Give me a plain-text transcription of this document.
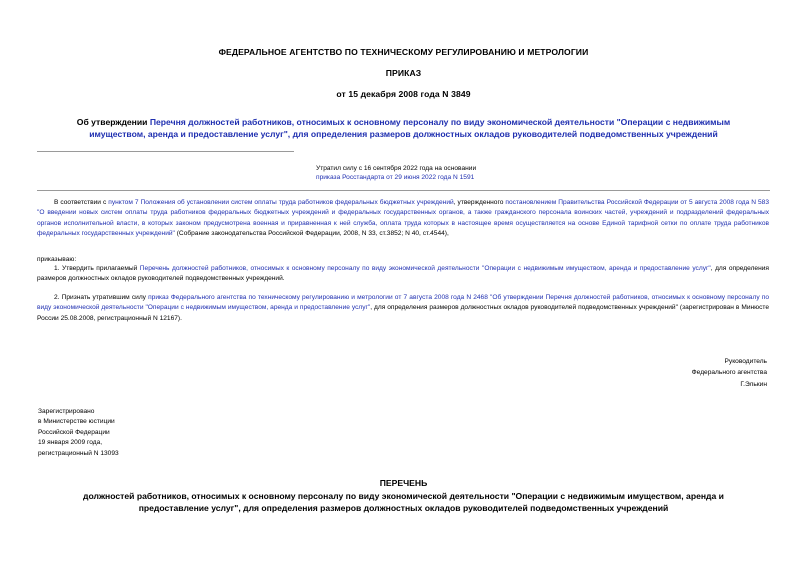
ФЕДЕРАЛЬНОЕ АГЕНТСТВО ПО ТЕХНИЧЕСКОМУ РЕГУЛИРОВАНИЮ И МЕТРОЛОГИИ
ПРИКАЗ
от 15 декабря 2008 года N 3849
Об утверждении Перечня должностей работников, относимых к основному персоналу по виду экономической деятельности "Операции с недвижимым
имуществом, аренда и предоставление услуг", для определения размеров должностных окладов руководителей подведомственных учреждений
Утратил силу с 16 сентября 2022 года на основании
приказа Росстандарта от 29 июня 2022 года N 1591
В соответствии с пунктом 7 Положения об установлении систем оплаты труда работников федеральных бюджетных учреждений, утвержденного постановлением Правительства Российской Федерации от 5 августа 2008 года N 583 "О введении новых систем оплаты труда работников федеральных бюджетных учреждений и федеральных государственных органов, а также гражданского персонала воинских частей, учреждений и подразделений федеральных органов исполнительной власти, в которых законом предусмотрена военная и приравненная к ней служба, оплата труда которых в настоящее время осуществляется на основе Единой тарифной сетки по оплате труда работников федеральных государственных учреждений" (Собрание законодательства Российской Федерации, 2008, N 33, ст.3852; N 40, ст.4544),
приказываю:
1. Утвердить прилагаемый Перечень должностей работников, относимых к основному персоналу по виду экономической деятельности "Операции с недвижимым имуществом, аренда и предоставление услуг", для определения размеров должностных окладов руководителей подведомственных учреждений.
2. Признать утратившим силу приказ Федерального агентства по техническому регулированию и метрологии от 7 августа 2008 года N 2468 "Об утверждении Перечня должностей работников, относимых к основному персоналу по виду экономической деятельности "Операции с недвижимым имуществом, аренда и предоставление услуг", для определения размеров должностных окладов руководителей подведомственных учреждений" (зарегистрирован в Минюсте России 25.08.2008, регистрационный N 12167).
Руководитель
Федерального агентства
Г.Элькин
Зарегистрировано
в Министерстве юстиции
Российской Федерации
19 января 2009 года,
регистрационный N 13093
ПЕРЕЧЕНЬ
должностей работников, относимых к основному персоналу по виду экономической деятельности "Операции с недвижимым имуществом, аренда и
предоставление услуг", для определения размеров должностных окладов руководителей подведомственных учреждений
